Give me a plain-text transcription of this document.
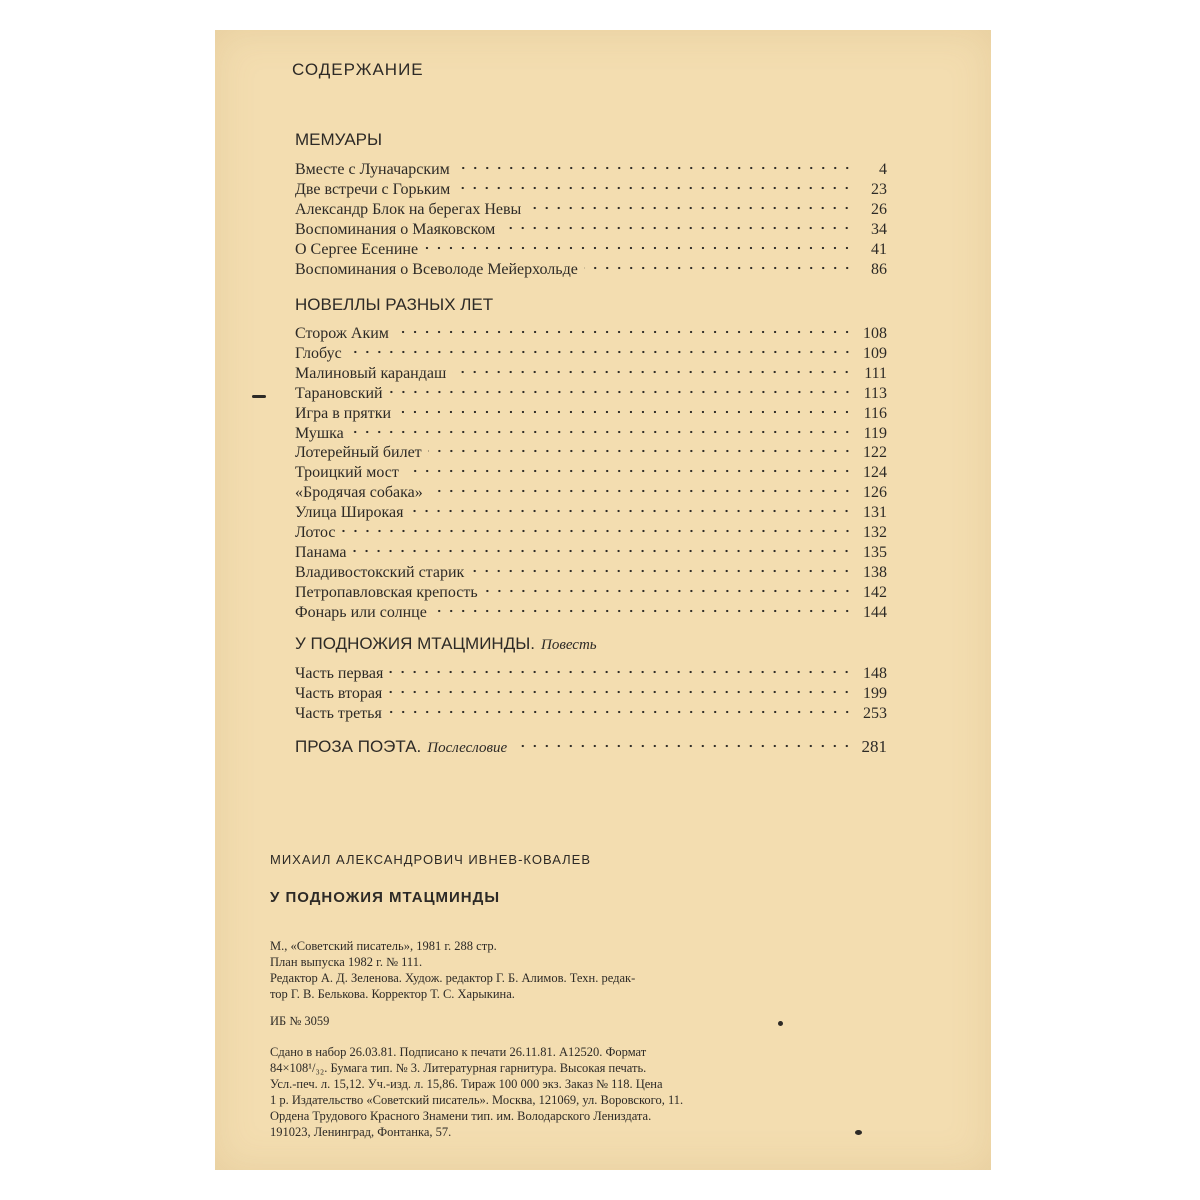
СОДЕРЖАНИЕ
МЕМУАРЫ
Вместе с Луначарским	4
Две встречи с Горьким	23
Александр Блок на берегах Невы	26
Воспоминания о Маяковском	34
О Сергее Есенине	41
Воспоминания о Всеволоде Мейерхольде	86
НОВЕЛЛЫ РАЗНЫХ ЛЕТ
Сторож Аким	108
Глобус	109
Малиновый карандаш	111
Тарановский	113
Игра в прятки	116
Мушка	119
Лотерейный билет	122
Троицкий мост	124
«Бродячая собака»	126
Улица Широкая	131
Лотос	132
Панама	135
Владивостокский старик	138
Петропавловская крепость	142
Фонарь или солнце	144
У ПОДНОЖИЯ МТАЦМИНДЫ. Повесть
Часть первая	148
Часть вторая	199
Часть третья	253
ПРОЗА ПОЭТА. Послесловие	281
МИХАИЛ АЛЕКСАНДРОВИЧ ИВНЕВ-КОВАЛЕВ
У ПОДНОЖИЯ МТАЦМИНДЫ
М., «Советский писатель», 1981 г. 288 стр.
План выпуска 1982 г. № 111.
Редактор А. Д. Зеленова. Худож. редактор Г. Б. Алимов. Техн. редак-
тор Г. В. Белькова. Корректор Т. С. Харыкина.
ИБ № 3059
Сдано в набор 26.03.81. Подписано к печати 26.11.81. А12520. Формат
84×108¹/₃₂. Бумага тип. № 3. Литературная гарнитура. Высокая печать.
Усл.-печ. л. 15,12. Уч.-изд. л. 15,86. Тираж 100 000 экз. Заказ № 118. Цена
1 р. Издательство «Советский писатель». Москва, 121069, ул. Воровского, 11.
Ордена Трудового Красного Знамени тип. им. Володарского Лениздата.
191023, Ленинград, Фонтанка, 57.
